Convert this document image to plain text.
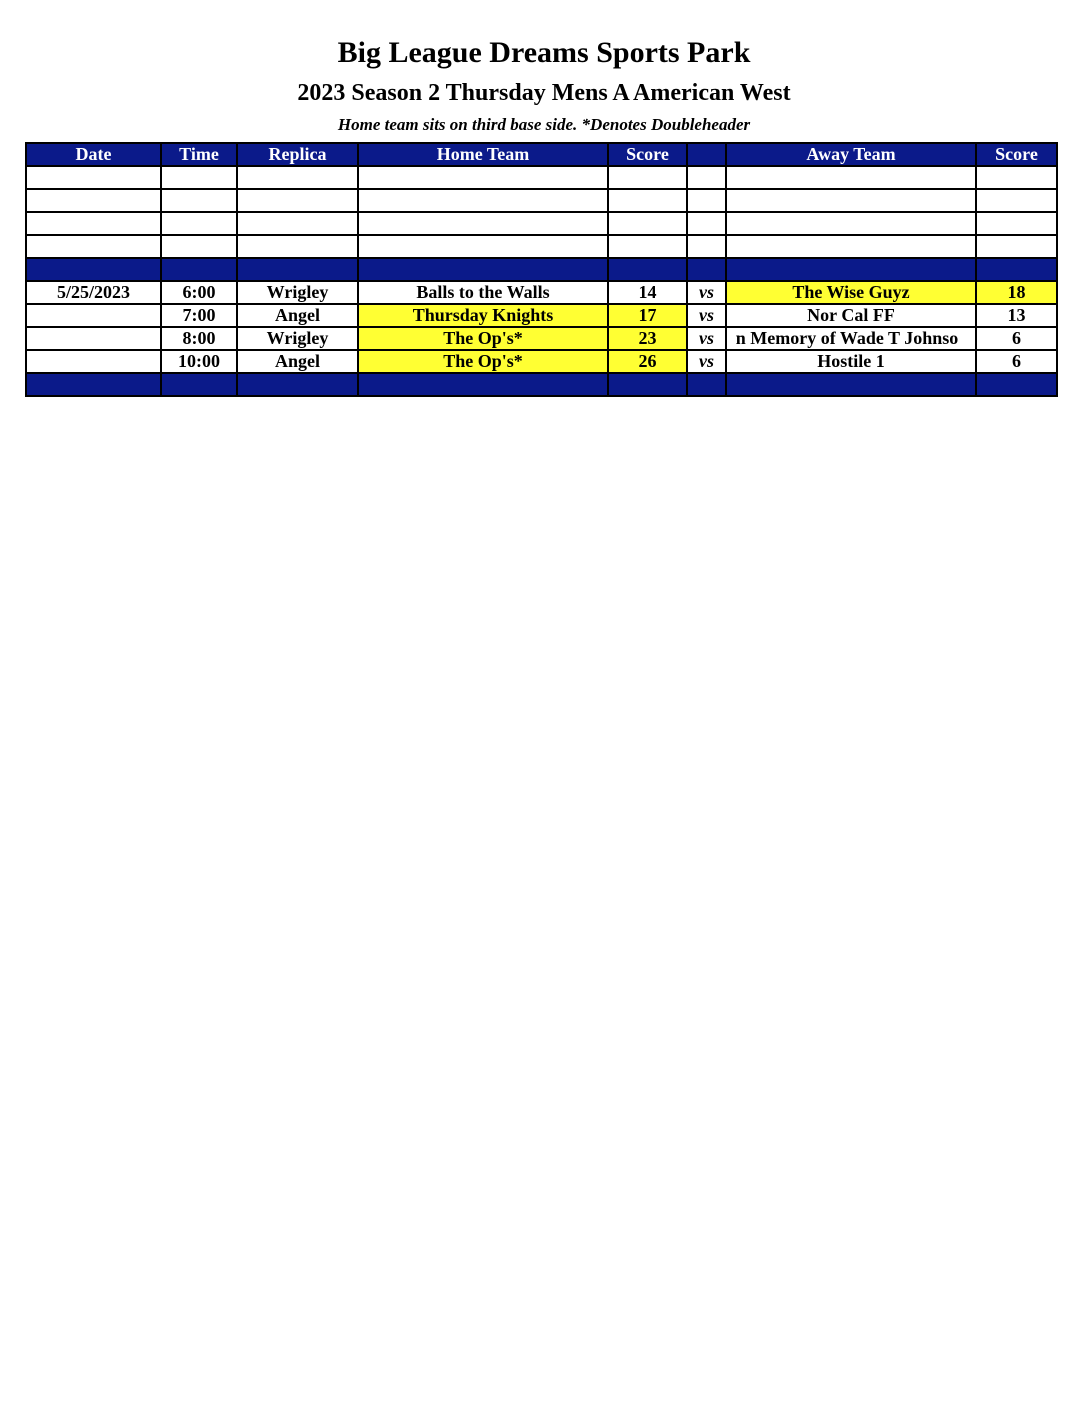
Big League Dreams Sports Park
2023 Season 2 Thursday Mens A American West
Home team sits on third base side. *Denotes Doubleheader
Date	Time	Replica	Home Team	Score		Away Team	Score

5/25/2023	6:00	Wrigley	Balls to the Walls	14	vs	The Wise Guyz	18
	7:00	Angel	Thursday Knights	17	vs	Nor Cal FF	13
	8:00	Wrigley	The Op's*	23	vs	n Memory of Wade T Johnso	6
	10:00	Angel	The Op's*	26	vs	Hostile 1	6
